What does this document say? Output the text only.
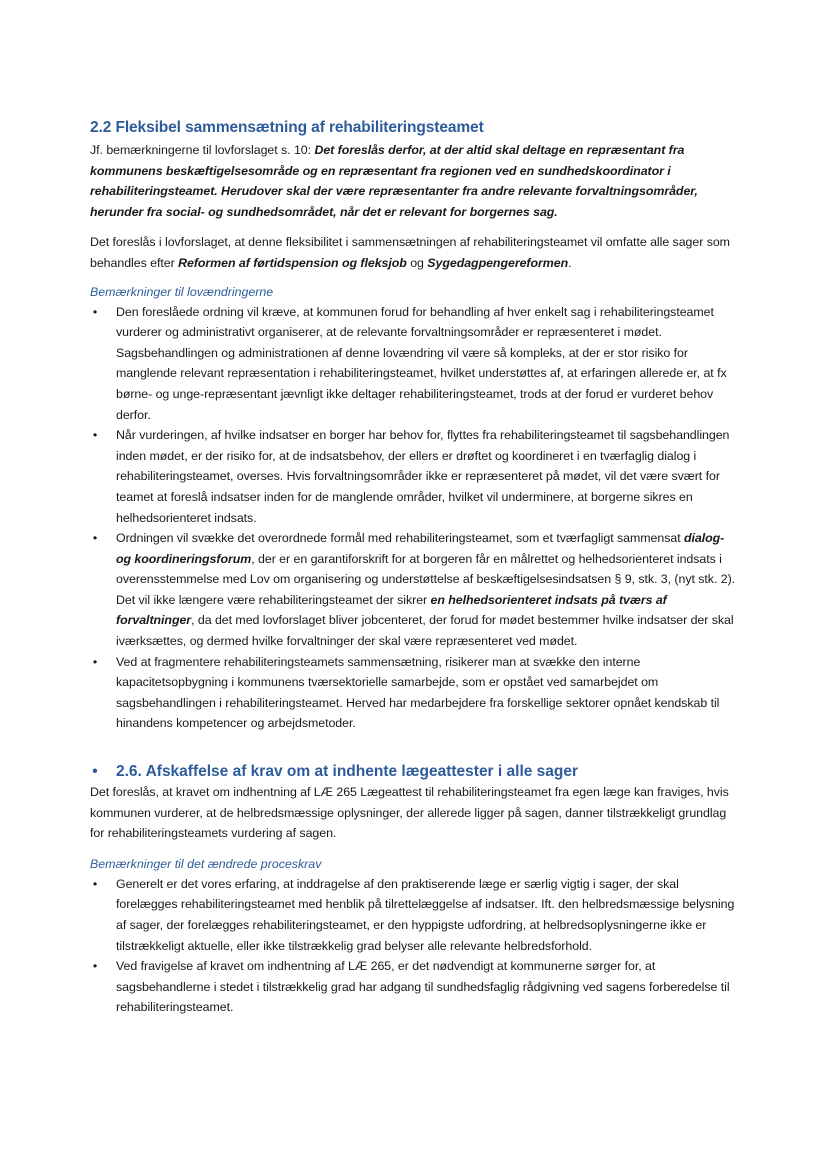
2.2 Fleksibel sammensætning af rehabiliteringsteamet

Jf. bemærkningerne til lovforslaget s. 10: Det foreslås derfor, at der altid skal deltage en repræsentant fra kommunens beskæftigelsesområde og en repræsentant fra regionen ved en sundhedskoordinator i rehabiliteringsteamet. Herudover skal der være repræsentanter fra andre relevante forvaltningsområder, herunder fra social- og sundhedsområdet, når det er relevant for borgernes sag.

Det foreslås i lovforslaget, at denne fleksibilitet i sammensætningen af rehabiliteringsteamet vil omfatte alle sager som behandles efter Reformen af førtidspension og fleksjob og Sygedagpengereformen.

Bemærkninger til lovændringerne

• Den foreslåede ordning vil kræve, at kommunen forud for behandling af hver enkelt sag i rehabiliteringsteamet vurderer og administrativt organiserer, at de relevante forvaltningsområder er repræsenteret i mødet. Sagsbehandlingen og administrationen af denne lovændring vil være så kompleks, at der er stor risiko for manglende relevant repræsentation i rehabiliteringsteamet, hvilket understøttes af, at erfaringen allerede er, at fx børne- og unge-repræsentant jævnligt ikke deltager rehabiliteringsteamet, trods at der forud er vurderet behov derfor.
• Når vurderingen, af hvilke indsatser en borger har behov for, flyttes fra rehabiliteringsteamet til sagsbehandlingen inden mødet, er der risiko for, at de indsatsbehov, der ellers er drøftet og koordineret i en tværfaglig dialog i rehabiliteringsteamet, overses. Hvis forvaltningsområder ikke er repræsenteret på mødet, vil det være svært for teamet at foreslå indsatser inden for de manglende områder, hvilket vil underminere, at borgerne sikres en helhedsorienteret indsats.
• Ordningen vil svække det overordnede formål med rehabiliteringsteamet, som et tværfagligt sammensat dialog- og koordineringsforum, der er en garantiforskrift for at borgeren får en målrettet og helhedsorienteret indsats i overensstemmelse med Lov om organisering og understøttelse af beskæftigelsesindsatsen § 9, stk. 3, (nyt stk. 2). Det vil ikke længere være rehabiliteringsteamet der sikrer en helhedsorienteret indsats på tværs af forvaltninger, da det med lovforslaget bliver jobcenteret, der forud for mødet bestemmer hvilke indsatser der skal iværksættes, og dermed hvilke forvaltninger der skal være repræsenteret ved mødet.
• Ved at fragmentere rehabiliteringsteamets sammensætning, risikerer man at svække den interne kapacitetsopbygning i kommunens tværsektorielle samarbejde, som er opstået ved samarbejdet om sagsbehandlingen i rehabiliteringsteamet. Herved har medarbejdere fra forskellige sektorer opnået kendskab til hinandens kompetencer og arbejdsmetoder.
• 2.6. Afskaffelse af krav om at indhente lægeattester i alle sager

Det foreslås, at kravet om indhentning af LÆ 265 Lægeattest til rehabiliteringsteamet fra egen læge kan fraviges, hvis kommunen vurderer, at de helbredsmæssige oplysninger, der allerede ligger på sagen, danner tilstrækkeligt grundlag for rehabiliteringsteamets vurdering af sagen.

Bemærkninger til det ændrede proceskrav

• Generelt er det vores erfaring, at inddragelse af den praktiserende læge er særlig vigtig i sager, der skal forelægges rehabiliteringsteamet med henblik på tilrettelæggelse af indsatser. Ift. den helbredsmæssige belysning af sager, der forelægges rehabiliteringsteamet, er den hyppigste udfordring, at helbredsoplysningerne ikke er tilstrækkeligt aktuelle, eller ikke tilstrækkelig grad belyser alle relevante helbredsforhold.
• Ved fravigelse af kravet om indhentning af LÆ 265, er det nødvendigt at kommunerne sørger for, at sagsbehandlerne i stedet i tilstrækkelig grad har adgang til sundhedsfaglig rådgivning ved sagens forberedelse til rehabiliteringsteamet.
